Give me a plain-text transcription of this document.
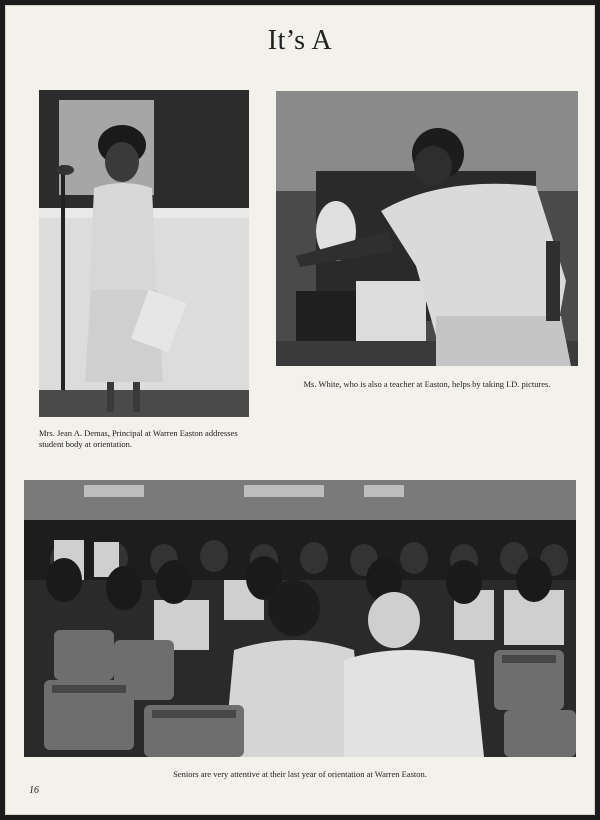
It’s A
Mrs. Jean A. Demas, Principal at Warren Easton addresses student body at orientation.
Ms. White, who is also a teacher at Easton, helps by taking I.D. pictures.
Seniors are very attentive at their last year of orientation at Warren Easton.
16
